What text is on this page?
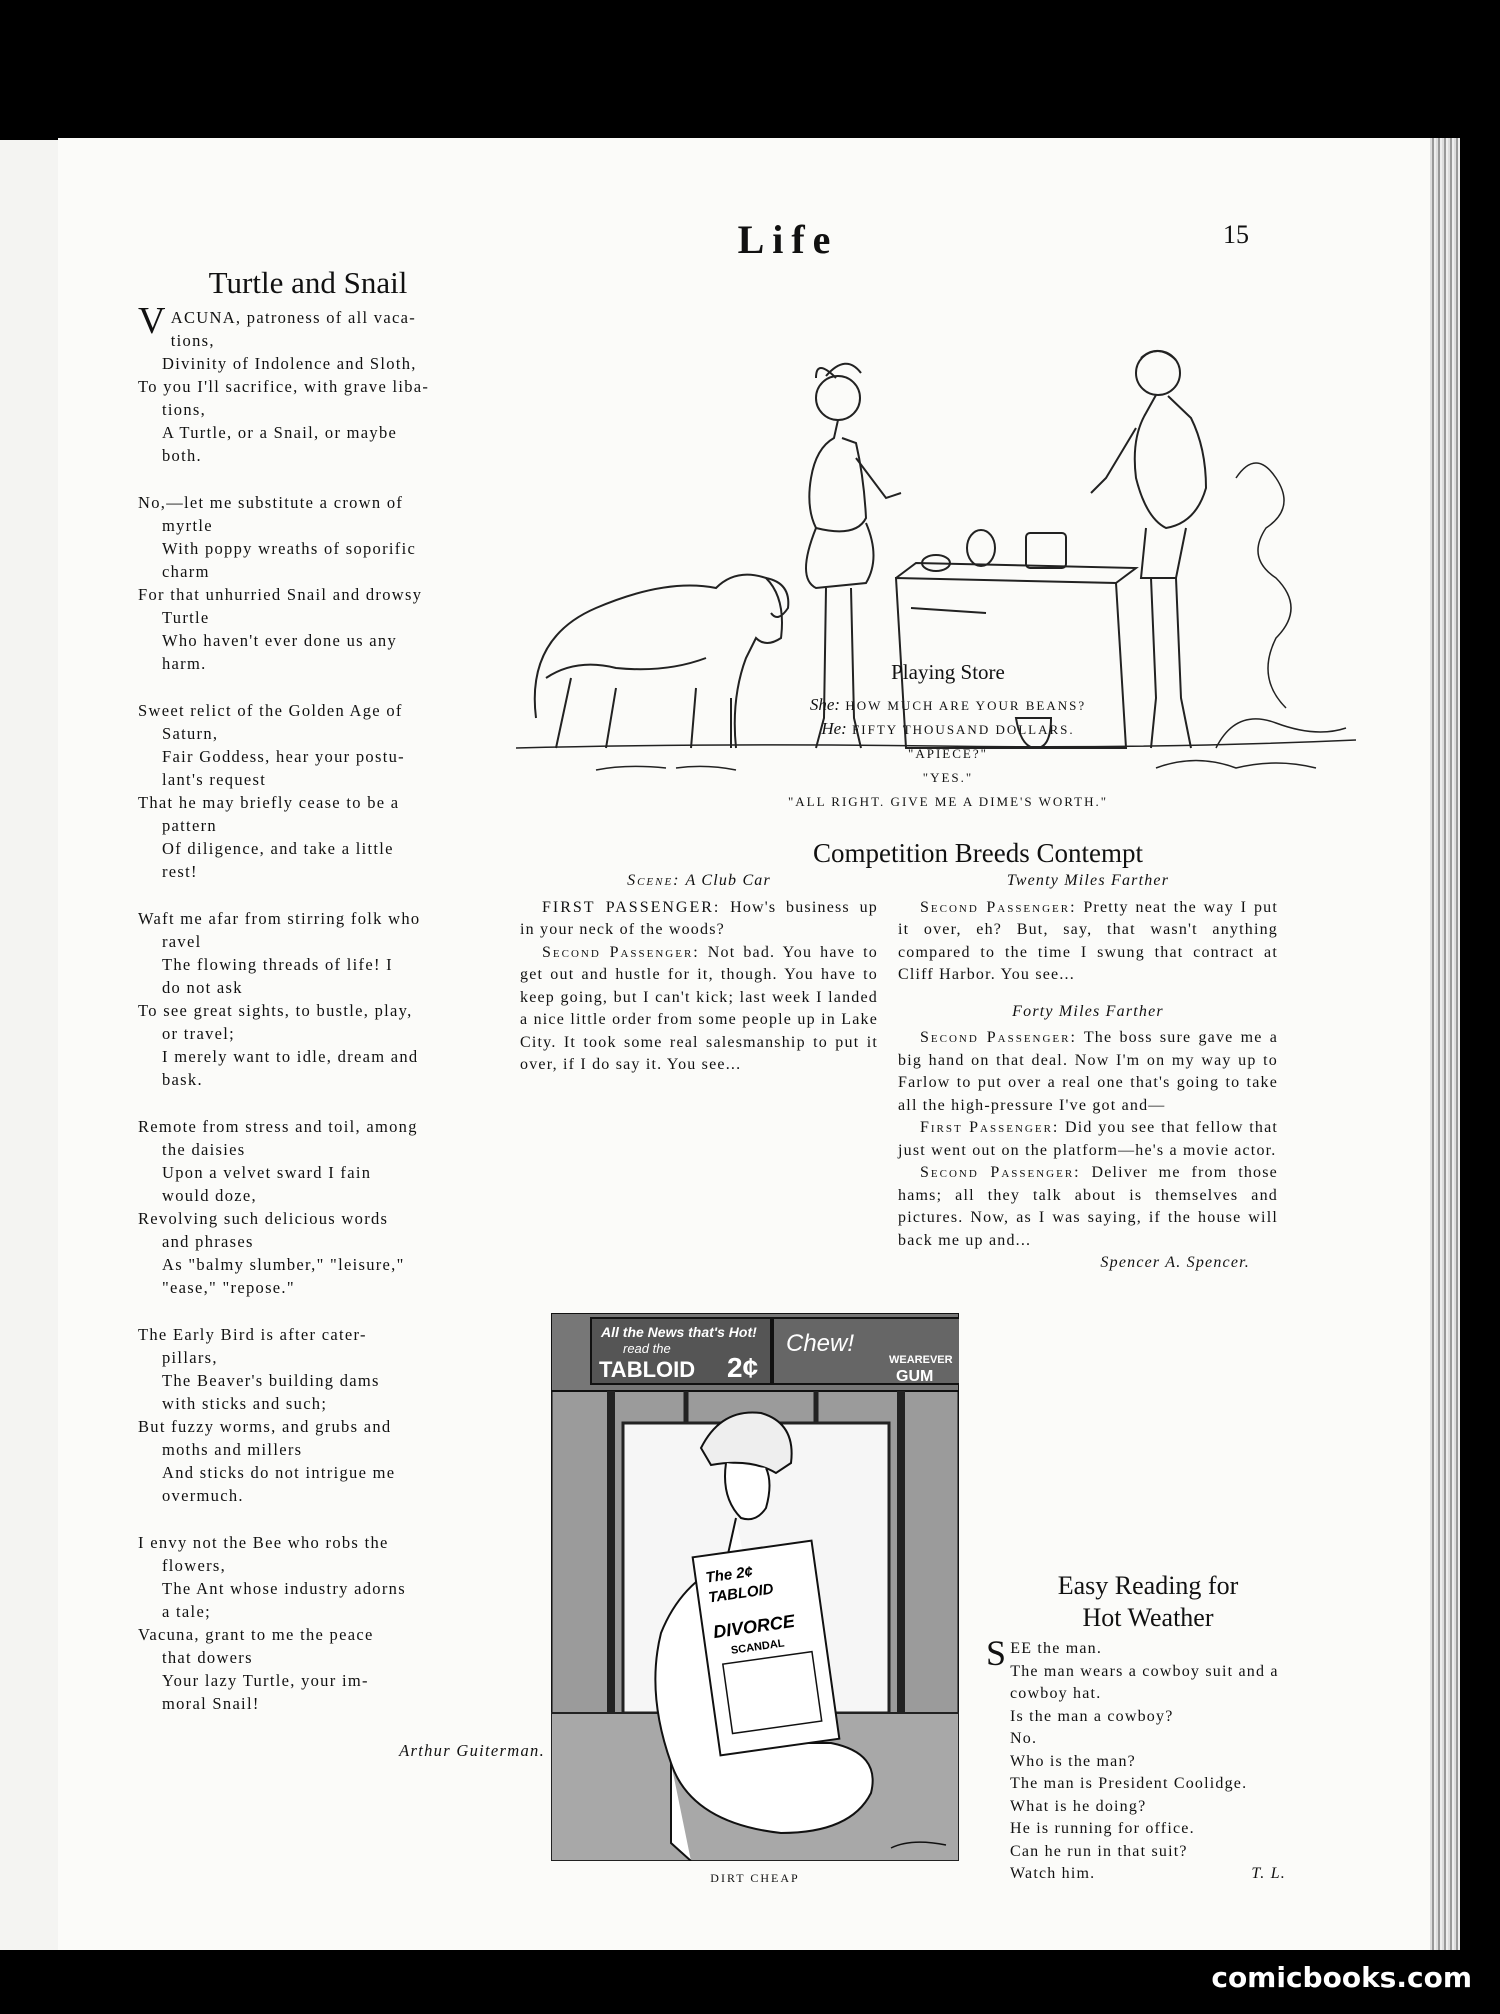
Life	15
Turtle and Snail
V ACUNA, patroness of all vaca-
tions,
Divinity of Indolence and Sloth,
To you I'll sacrifice, with grave liba-
tions,
A Turtle, or a Snail, or maybe
both.
No,—let me substitute a crown of
myrtle
With poppy wreaths of soporific
charm
For that unhurried Snail and drowsy
Turtle
Who haven't ever done us any
harm.
Sweet relict of the Golden Age of
Saturn,
Fair Goddess, hear your postu-
lant's request
That he may briefly cease to be a
pattern
Of diligence, and take a little
rest!
Waft me afar from stirring folk who
ravel
The flowing threads of life! I
do not ask
To see great sights, to bustle, play,
or travel;
I merely want to idle, dream and
bask.
Remote from stress and toil, among
the daisies
Upon a velvet sward I fain
would doze,
Revolving such delicious words
and phrases
As "balmy slumber," "leisure,"
"ease," "repose."
The Early Bird is after cater-
pillars,
The Beaver's building dams
with sticks and such;
But fuzzy worms, and grubs and
moths and millers
And sticks do not intrigue me
overmuch.
I envy not the Bee who robs the
flowers,
The Ant whose industry adorns
a tale;
Vacuna, grant to me the peace
that dowers
Your lazy Turtle, your im-
moral Snail!
Arthur Guiterman.
Playing Store
She: HOW MUCH ARE YOUR BEANS?
He: FIFTY THOUSAND DOLLARS.
"APIECE?"
"YES."
"ALL RIGHT. GIVE ME A DIME'S WORTH."
Competition Breeds Contempt
Scene: A Club Car

FIRST PASSENGER: How's business up in your neck of the woods?

Second Passenger: Not bad. You have to get out and hustle for it, though. You have to keep going, but I can't kick; last week I landed a nice little order from some people up in Lake City. It took some real salesmanship to put it over, if I do say it. You see...

Twenty Miles Farther

Second Passenger: Pretty neat the way I put it over, eh? But, say, that wasn't anything compared to the time I swung that contract at Cliff Harbor. You see...

Forty Miles Farther

Second Passenger: The boss sure gave me a big hand on that deal. Now I'm on my way up to Farlow to put over a real one that's going to take all the high-pressure I've got and—

First Passenger: Did you see that fellow that just went out on the platform—he's a movie actor.

Second Passenger: Deliver me from those hams; all they talk about is themselves and pictures. Now, as I was saying, if the house will back me up and...

Spencer A. Spencer.
All the News that's Hot!
read the
TABLOID 2¢
Chew!
WEAREVER
GUM
The 2¢
TABLOID
DIVORCE
SCANDAL
DIRT CHEAP
Easy Reading for
Hot Weather
S EE the man.
The man wears a cowboy suit and a cowboy hat.
Is the man a cowboy?
No.
Who is the man?
The man is President Coolidge.
What is he doing?
He is running for office.
Can he run in that suit?
Watch him.	T. L.
comicbooks.com
